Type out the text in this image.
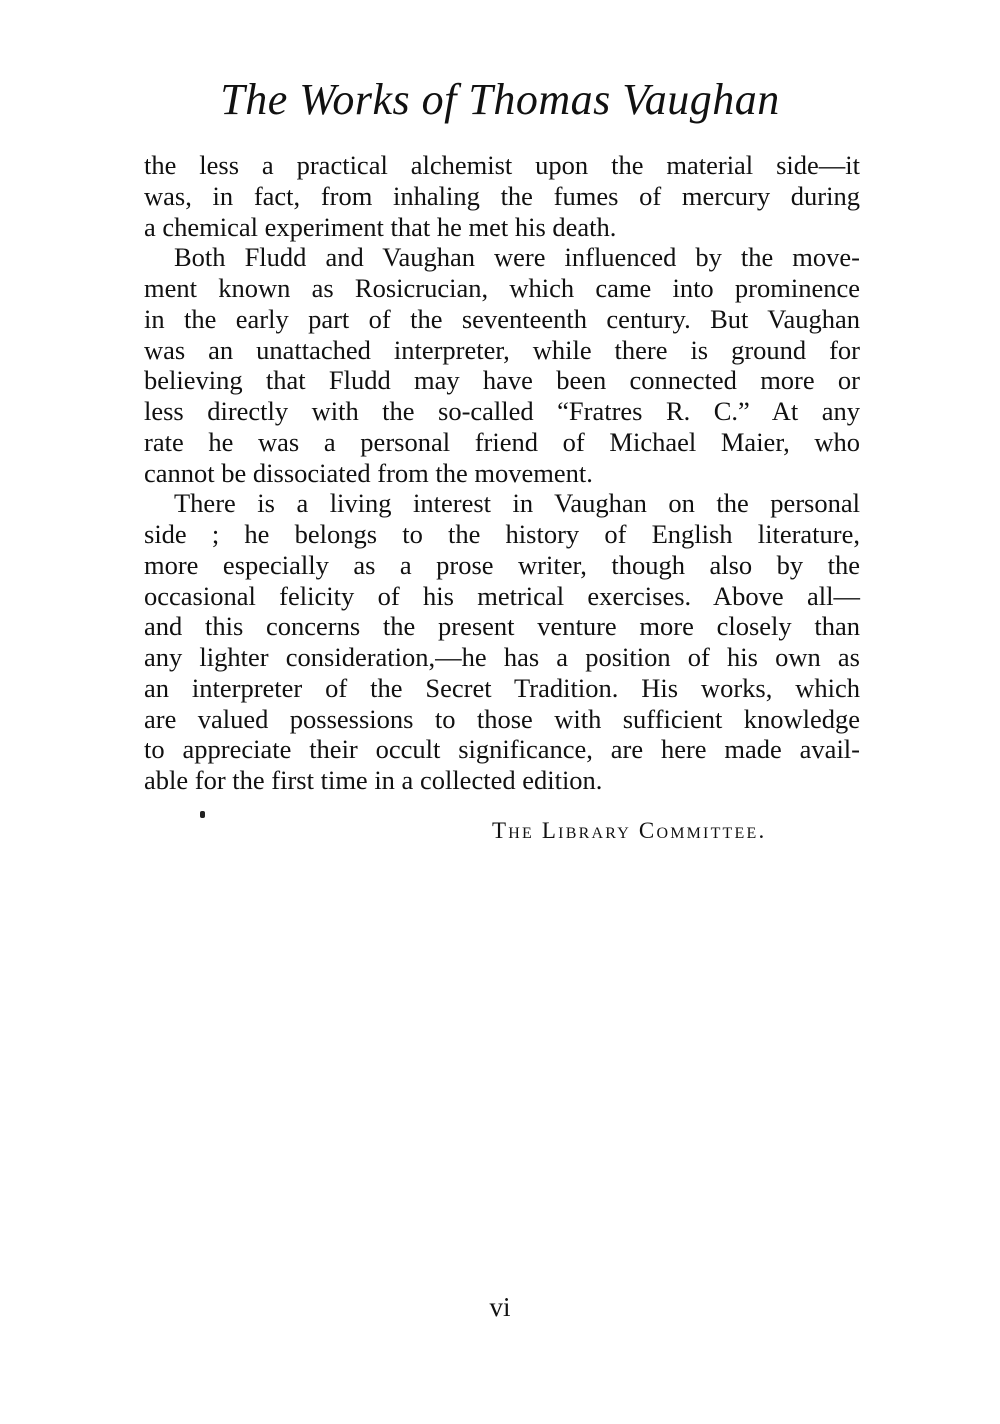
The Works of Thomas Vaughan
the less a practical alchemist upon the material side—it
was, in fact, from inhaling the fumes of mercury during
a chemical experiment that he met his death.
Both Fludd and Vaughan were influenced by the move-
ment known as Rosicrucian, which came into prominence
in the early part of the seventeenth century. But Vaughan
was an unattached interpreter, while there is ground for
believing that Fludd may have been connected more or
less directly with the so-called “Fratres R. C.” At any
rate he was a personal friend of Michael Maier, who
cannot be dissociated from the movement.
There is a living interest in Vaughan on the personal
side ; he belongs to the history of English literature,
more especially as a prose writer, though also by the
occasional felicity of his metrical exercises. Above all—
and this concerns the present venture more closely than
any lighter consideration,—he has a position of his own as
an interpreter of the Secret Tradition. His works, which
are valued possessions to those with sufficient knowledge
to appreciate their occult significance, are here made avail-
able for the first time in a collected edition.

The Library Committee.

vi
